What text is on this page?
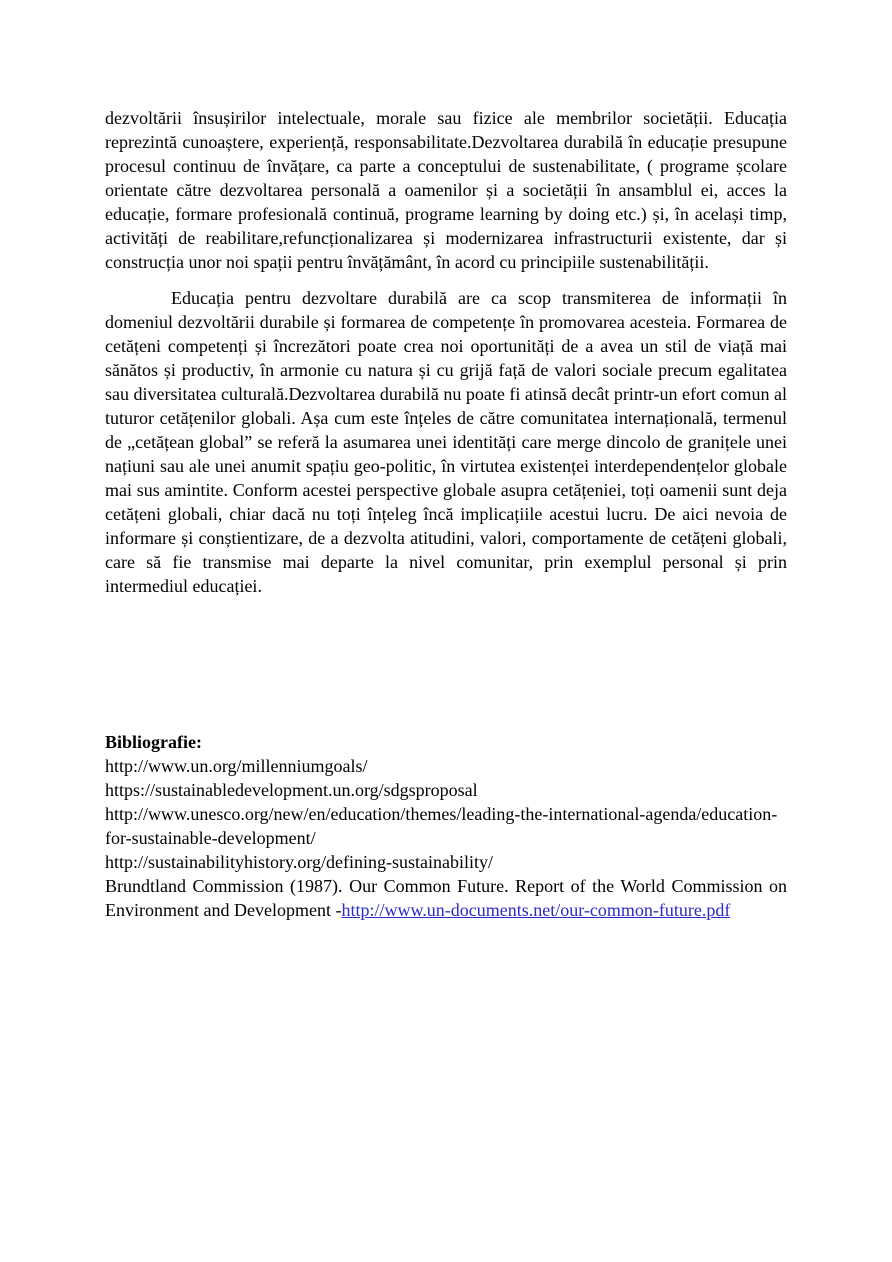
dezvoltării însușirilor intelectuale, morale sau fizice ale membrilor societății. Educația reprezintă cunoaștere, experiență, responsabilitate.Dezvoltarea durabilă în educație presupune procesul continuu de învățare, ca parte a conceptului de sustenabilitate, ( programe școlare orientate către dezvoltarea personală a oamenilor și a societății în ansamblul ei, acces la educație, formare profesională continuă, programe learning by doing etc.) și, în același timp, activități de reabilitare,refuncționalizarea și modernizarea infrastructurii existente, dar și construcția unor noi spații pentru învățământ, în acord cu principiile sustenabilității.

Educația pentru dezvoltare durabilă are ca scop transmiterea de informații în domeniul dezvoltării durabile și formarea de competențe în promovarea acesteia. Formarea de cetățeni competenți și încrezători poate crea noi oportunități de a avea un stil de viață mai sănătos și productiv, în armonie cu natura și cu grijă față de valori sociale precum egalitatea sau diversitatea culturală.Dezvoltarea durabilă nu poate fi atinsă decât printr-un efort comun al tuturor cetățenilor globali. Așa cum este înțeles de către comunitatea internațională, termenul de „cetățean global” se referă la asumarea unei identități care merge dincolo de granițele unei națiuni sau ale unei anumit spațiu geo-politic, în virtutea existenței interdependențelor globale mai sus amintite. Conform acestei perspective globale asupra cetățeniei, toți oamenii sunt deja cetățeni globali, chiar dacă nu toți înțeleg încă implicațiile acestui lucru. De aici nevoia de informare și conștientizare, de a dezvolta atitudini, valori, comportamente de cetățeni globali, care să fie transmise mai departe la nivel comunitar, prin exemplul personal și prin intermediul educației.

Bibliografie:

http://www.un.org/millenniumgoals/

https://sustainabledevelopment.un.org/sdgsproposal

http://www.unesco.org/new/en/education/themes/leading-the-international-agenda/education-for-sustainable-development/

http://sustainabilityhistory.org/defining-sustainability/

Brundtland Commission (1987). Our Common Future. Report of the World Commission on Environment and Development -http://www.un-documents.net/our-common-future.pdf
